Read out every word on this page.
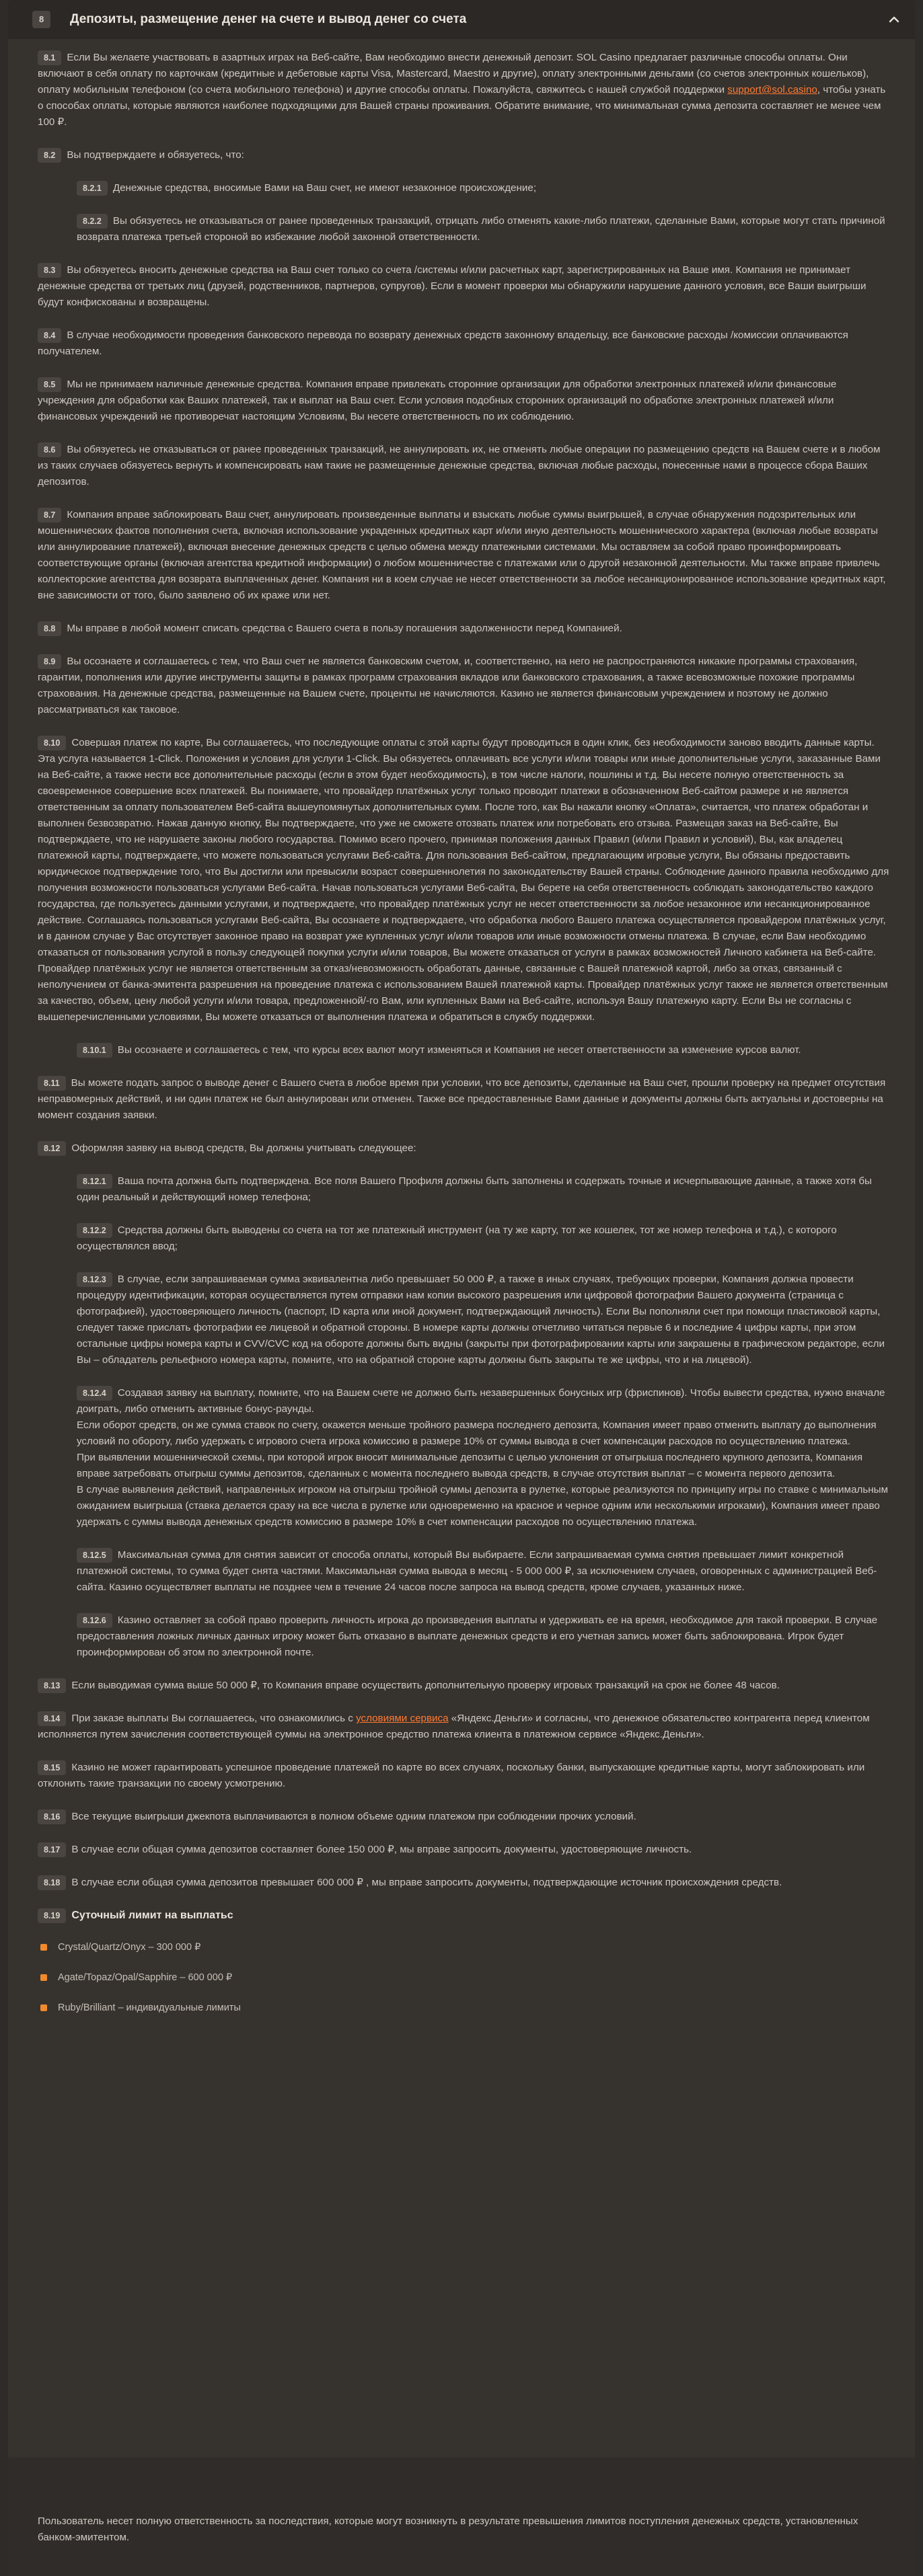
8	Депозиты, размещение денег на счете и вывод денег со счета

8.1 Если Вы желаете участвовать в азартных играх на Веб-сайте, Вам необходимо внести денежный депозит. SOL Casino предлагает различные способы оплаты. Они включают в себя оплату по карточкам (кредитные и дебетовые карты Visa, Mastercard, Maestro и другие), оплату электронными деньгами (со счетов электронных кошельков), оплату мобильным телефоном (со счета мобильного телефона) и другие способы оплаты. Пожалуйста, свяжитесь с нашей службой поддержки support@sol.casino, чтобы узнать о способах оплаты, которые являются наиболее подходящими для Вашей страны проживания. Обратите внимание, что минимальная сумма депозита составляет не менее чем 100 ₽.

8.2 Вы подтверждаете и обязуетесь, что:

8.2.1 Денежные средства, вносимые Вами на Ваш счет, не имеют незаконное происхождение;

8.2.2 Вы обязуетесь не отказываться от ранее проведенных транзакций, отрицать либо отменять какие-либо платежи, сделанные Вами, которые могут стать причиной возврата платежа третьей стороной во избежание любой законной ответственности.

8.3 Вы обязуетесь вносить денежные средства на Ваш счет только со счета /системы и/или расчетных карт, зарегистрированных на Ваше имя. Компания не принимает денежные средства от третьих лиц (друзей, родственников, партнеров, супругов). Если в момент проверки мы обнаружили нарушение данного условия, все Ваши выигрыши будут конфискованы и возвращены.

8.4 В случае необходимости проведения банковского перевода по возврату денежных средств законному владельцу, все банковские расходы /комиссии оплачиваются получателем.

8.5 Мы не принимаем наличные денежные средства. Компания вправе привлекать сторонние организации для обработки электронных платежей и/или финансовые учреждения для обработки как Ваших платежей, так и выплат на Ваш счет. Если условия подобных сторонних организаций по обработке электронных платежей и/или финансовых учреждений не противоречат настоящим Условиям, Вы несете ответственность по их соблюдению.

8.6 Вы обязуетесь не отказываться от ранее проведенных транзакций, не аннулировать их, не отменять любые операции по размещению средств на Вашем счете и в любом из таких случаев обязуетесь вернуть и компенсировать нам такие не размещенные денежные средства, включая любые расходы, понесенные нами в процессе сбора Ваших депозитов.

8.7 Компания вправе заблокировать Ваш счет, аннулировать произведенные выплаты и взыскать любые суммы выигрышей, в случае обнаружения подозрительных или мошеннических фактов пополнения счета, включая использование украденных кредитных карт и/или иную деятельность мошеннического характера (включая любые возвраты или аннулирование платежей), включая внесение денежных средств с целью обмена между платежными системами. Мы оставляем за собой право проинформировать соответствующие органы (включая агентства кредитной информации) о любом мошенничестве с платежами или о другой незаконной деятельности. Мы также вправе привлечь коллекторские агентства для возврата выплаченных денег. Компания ни в коем случае не несет ответственности за любое несанкционированное использование кредитных карт, вне зависимости от того, было заявлено об их краже или нет.

8.8 Мы вправе в любой момент списать средства с Вашего счета в пользу погашения задолженности перед Компанией.

8.9 Вы осознаете и соглашаетесь с тем, что Ваш счет не является банковским счетом, и, соответственно, на него не распространяются никакие программы страхования, гарантии, пополнения или другие инструменты защиты в рамках программ страхования вкладов или банковского страхования, а также всевозможные похожие программы страхования. На денежные средства, размещенные на Вашем счете, проценты не начисляются. Казино не является финансовым учреждением и поэтому не должно рассматриваться как таковое.

8.10 Совершая платеж по карте, Вы соглашаетесь, что последующие оплаты с этой карты будут проводиться в один клик, без необходимости заново вводить данные карты. Эта услуга называется 1-Click. Положения и условия для услуги 1-Click. Вы обязуетесь оплачивать все услуги и/или товары или иные дополнительные услуги, заказанные Вами на Веб-сайте, а также нести все дополнительные расходы (если в этом будет необходимость), в том числе налоги, пошлины и т.д. Вы несете полную ответственность за своевременное совершение всех платежей. Вы понимаете, что провайдер платёжных услуг только проводит платежи в обозначенном Веб-сайтом размере и не является ответственным за оплату пользователем Веб-сайта вышеупомянутых дополнительных сумм. После того, как Вы нажали кнопку «Оплата», считается, что платеж обработан и выполнен безвозвратно. Нажав данную кнопку, Вы подтверждаете, что уже не сможете отозвать платеж или потребовать его отзыва. Размещая заказ на Веб-сайте, Вы подтверждаете, что не нарушаете законы любого государства. Помимо всего прочего, принимая положения данных Правил (и/или Правил и условий), Вы, как владелец платежной карты, подтверждаете, что можете пользоваться услугами Веб-сайта. Для пользования Веб-сайтом, предлагающим игровые услуги, Вы обязаны предоставить юридическое подтверждение того, что Вы достигли или превысили возраст совершеннолетия по законодательству Вашей страны. Соблюдение данного правила необходимо для получения возможности пользоваться услугами Веб-сайта. Начав пользоваться услугами Веб-сайта, Вы берете на себя ответственность соблюдать законодательство каждого государства, где пользуетесь данными услугами, и подтверждаете, что провайдер платёжных услуг не несет ответственности за любое незаконное или несанкционированное действие. Соглашаясь пользоваться услугами Веб-сайта, Вы осознаете и подтверждаете, что обработка любого Вашего платежа осуществляется провайдером платёжных услуг, и в данном случае у Вас отсутствует законное право на возврат уже купленных услуг и/или товаров или иные возможности отмены платежа. В случае, если Вам необходимо отказаться от пользования услугой в пользу следующей покупки услуги и/или товаров, Вы можете отказаться от услуги в рамках возможностей Личного кабинета на Веб-сайте. Провайдер платёжных услуг не является ответственным за отказ/невозможность обработать данные, связанные с Вашей платежной картой, либо за отказ, связанный с неполучением от банка-эмитента разрешения на проведение платежа с использованием Вашей платежной карты. Провайдер платёжных услуг также не является ответственным за качество, объем, цену любой услуги и/или товара, предложенной/-го Вам, или купленных Вами на Веб-сайте, используя Вашу платежную карту. Если Вы не согласны с вышеперечисленными условиями, Вы можете отказаться от выполнения платежа и обратиться в службу поддержки.

8.10.1 Вы осознаете и соглашаетесь с тем, что курсы всех валют могут изменяться и Компания не несет ответственности за изменение курсов валют.

8.11 Вы можете подать запрос о выводе денег с Вашего счета в любое время при условии, что все депозиты, сделанные на Ваш счет, прошли проверку на предмет отсутствия неправомерных действий, и ни один платеж не был аннулирован или отменен. Также все предоставленные Вами данные и документы должны быть актуальны и достоверны на момент создания заявки.

8.12 Оформляя заявку на вывод средств, Вы должны учитывать следующее:

8.12.1 Ваша почта должна быть подтверждена. Все поля Вашего Профиля должны быть заполнены и содержать точные и исчерпывающие данные, а также хотя бы один реальный и действующий номер телефона;

8.12.2 Средства должны быть выводены со счета на тот же платежный инструмент (на ту же карту, тот же кошелек, тот же номер телефона и т.д.), с которого осуществлялся ввод;

8.12.3 В случае, если запрашиваемая сумма эквивалентна либо превышает 50 000 ₽, а также в иных случаях, требующих проверки, Компания должна провести процедуру идентификации, которая осуществляется путем отправки нам копии высокого разрешения или цифровой фотографии Вашего документа (страница с фотографией), удостоверяющего личность (паспорт, ID карта или иной документ, подтверждающий личность). Если Вы пополняли счет при помощи пластиковой карты, следует также прислать фотографии ее лицевой и обратной стороны. В номере карты должны отчетливо читаться первые 6 и последние 4 цифры карты, при этом остальные цифры номера карты и CVV/CVC код на обороте должны быть видны (закрыты при фотографировании карты или закрашены в графическом редакторе, если Вы – обладатель рельефного номера карты, помните, что на обратной стороне карты должны быть закрыты те же цифры, что и на лицевой).

8.12.4 Создавая заявку на выплату, помните, что на Вашем счете не должно быть незавершенных бонусных игр (фриспинов). Чтобы вывести средства, нужно вначале доиграть, либо отменить активные бонус-раунды.
Если оборот средств, он же сумма ставок по счету, окажется меньше тройного размера последнего депозита, Компания имеет право отменить выплату до выполнения условий по обороту, либо удержать с игрового счета игрока комиссию в размере 10% от суммы вывода в счет компенсации расходов по осуществлению платежа.
При выявлении мошеннической схемы, при которой игрок вносит минимальные депозиты с целью уклонения от отыгрыша последнего крупного депозита, Компания вправе затребовать отыгрыш суммы депозитов, сделанных с момента последнего вывода средств, в случае отсутствия выплат – с момента первого депозита.
В случае выявления действий, направленных игроком на отыгрыш тройной суммы депозита в рулетке, которые реализуются по принципу игры по ставке с минимальным ожиданием выигрыша (ставка делается сразу на все числа в рулетке или одновременно на красное и черное одним или несколькими игроками), Компания имеет право удержать с суммы вывода денежных средств комиссию в размере 10% в счет компенсации расходов по осуществлению платежа.

8.12.5 Максимальная сумма для снятия зависит от способа оплаты, который Вы выбираете. Если запрашиваемая сумма снятия превышает лимит конкретной платежной системы, то сумма будет снята частями. Максимальная сумма вывода в месяц - 5 000 000 ₽, за исключением случаев, оговоренных с администрацией Веб-сайта. Казино осуществляет выплаты не позднее чем в течение 24 часов после запроса на вывод средств, кроме случаев, указанных ниже.

8.12.6 Казино оставляет за собой право проверить личность игрока до произведения выплаты и удерживать ее на время, необходимое для такой проверки. В случае предоставления ложных личных данных игроку может быть отказано в выплате денежных средств и его учетная запись может быть заблокирована. Игрок будет проинформирован об этом по электронной почте.

8.13 Если выводимая сумма выше 50 000 ₽, то Компания вправе осуществить дополнительную проверку игровых транзакций на срок не более 48 часов.

8.14 При заказе выплаты Вы соглашаетесь, что ознакомились с условиями сервиса «Яндекс.Деньги» и согласны, что денежное обязательство контрагента перед клиентом исполняется путем зачисления соответствующей суммы на электронное средство платежа клиента в платежном сервисе «Яндекс.Деньги».

8.15 Казино не может гарантировать успешное проведение платежей по карте во всех случаях, поскольку банки, выпускающие кредитные карты, могут заблокировать или отклонить такие транзакции по своему усмотрению.

8.16 Все текущие выигрыши джекпота выплачиваются в полном объеме одним платежом при соблюдении прочих условий.

8.17 В случае если общая сумма депозитов составляет более 150 000 ₽, мы вправе запросить документы, удостоверяющие личность.

8.18 В случае если общая сумма депозитов превышает 600 000 ₽ , мы вправе запросить документы, подтверждающие источник происхождения средств.

8.19 Суточный лимит на выплатьс

Crystal/Quartz/Onyx – 300 000 ₽
Agate/Topaz/Opal/Sapphire – 600 000 ₽
Ruby/Brilliant – индивидуальные лимиты
Пользователь несет полную ответственность за последствия, которые могут возникнуть в результате превышения лимитов поступления денежных средств, установленных банком-эмитентом.
